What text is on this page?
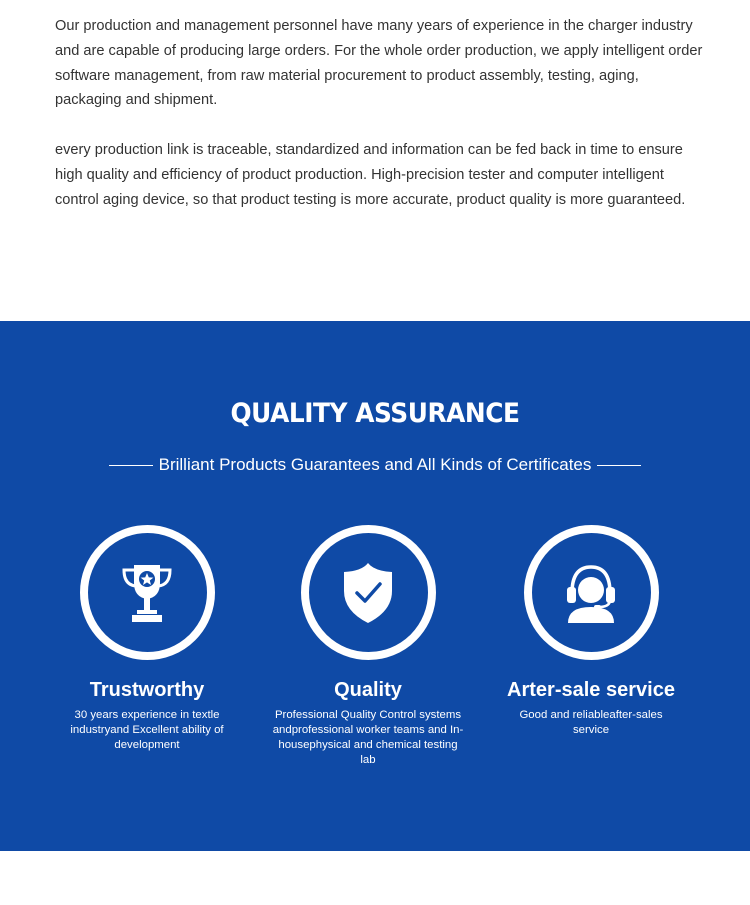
Our production and management personnel have many years of experience in the charger industry and are capable of producing large orders. For the whole order production, we apply intelligent order software management, from raw material procurement to product assembly, testing, aging, packaging and shipment.

every production link is traceable, standardized and information can be fed back in time to ensure high quality and efficiency of product production. High-precision tester and computer intelligent control aging device, so that product testing is more accurate, product quality is more guaranteed.

QUALITY ASSURANCE
Brilliant Products Guarantees and All Kinds of Certificates
Trustworthy
30 years experience in textle industryand Excellent ability of development
Quality
Professional Quality Control systems andprofessional worker teams and In-housephysical and chemical testing lab
Arter-sale service
Good and reliableafter-sales service
